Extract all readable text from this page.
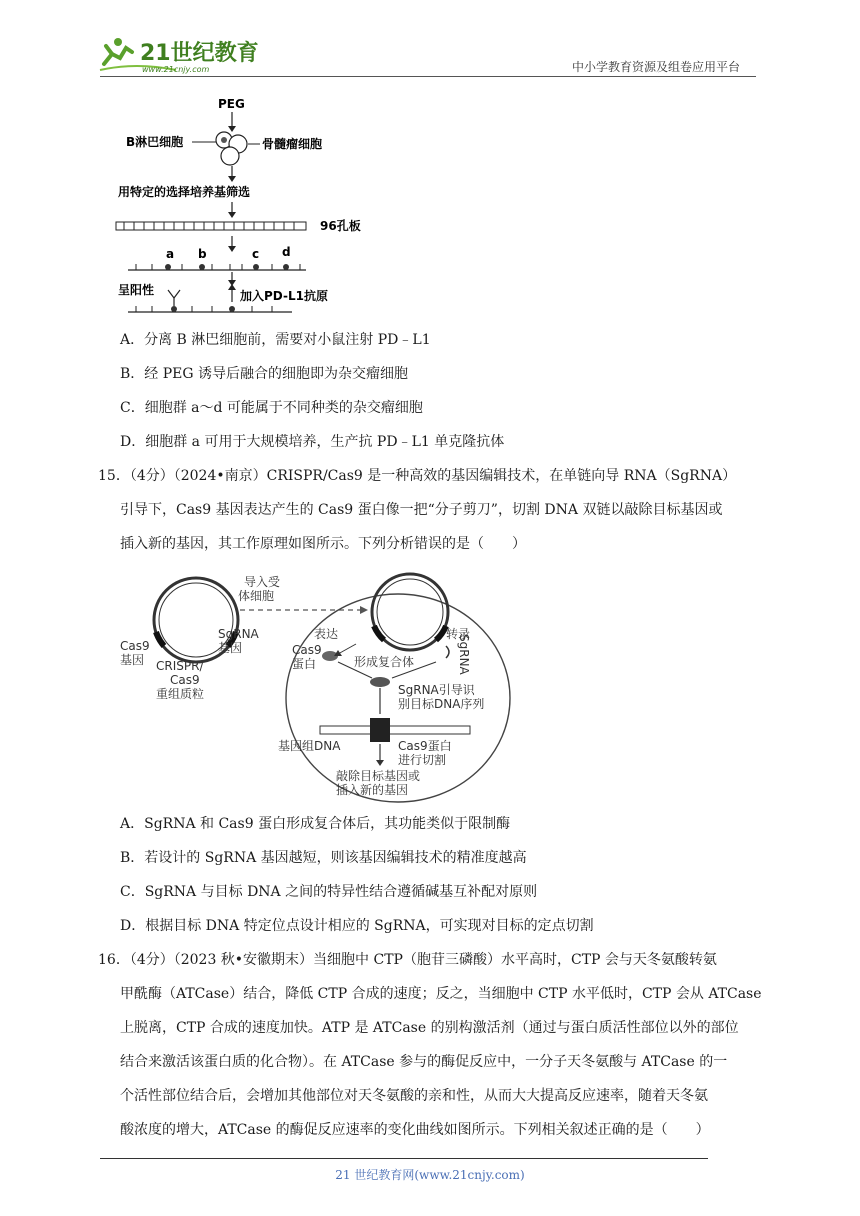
21世纪教育
www.21cnjy.com	中小学教育资源及组卷应用平台
PEG
B淋巴细胞	骨髓瘤细胞
用特定的选择培养基筛选
96孔板
a b	c d
呈阳性	加入PD-L1抗原
A．分离 B 淋巴细胞前，需要对小鼠注射 PD﹣L1
B．经 PEG 诱导后融合的细胞即为杂交瘤细胞
C．细胞群 a～d 可能属于不同种类的杂交瘤细胞
D．细胞群 a 可用于大规模培养，生产抗 PD﹣L1 单克隆抗体
15．（4分）（2024•南京）CRISPR/Cas9 是一种高效的基因编辑技术，在单链向导 RNA（SgRNA）
引导下，Cas9 基因表达产生的 Cas9 蛋白像一把“分子剪刀”，切割 DNA 双链以敲除目标基因或
插入新的基因，其工作原理如图所示。下列分析错误的是（　　）
Cas9
基因
SgRNA
基因
CRISPR/
Cas9
重组质粒
导入受
体细胞
表达	转录
Cas9
蛋白	形成复合体	SgRNA
SgRNA引导识
别目标DNA序列
基因组DNA	Cas9蛋白
进行切割
敲除目标基因或
插入新的基因
A．SgRNA 和 Cas9 蛋白形成复合体后，其功能类似于限制酶
B．若设计的 SgRNA 基因越短，则该基因编辑技术的精准度越高
C．SgRNA 与目标 DNA 之间的特异性结合遵循碱基互补配对原则
D．根据目标 DNA 特定位点设计相应的 SgRNA，可实现对目标的定点切割
16．（4分）（2023 秋•安徽期末）当细胞中 CTP（胞苷三磷酸）水平高时，CTP 会与天冬氨酸转氨
甲酰酶（ATCase）结合，降低 CTP 合成的速度；反之，当细胞中 CTP 水平低时，CTP 会从 ATCase
上脱离，CTP 合成的速度加快。ATP 是 ATCase 的别构激活剂（通过与蛋白质活性部位以外的部位
结合来激活该蛋白质的化合物）。在 ATCase 参与的酶促反应中，一分子天冬氨酸与 ATCase 的一
个活性部位结合后，会增加其他部位对天冬氨酸的亲和性，从而大大提高反应速率，随着天冬氨
酸浓度的增大，ATCase 的酶促反应速率的变化曲线如图所示。下列相关叙述正确的是（　　）
21 世纪教育网(www.21cnjy.com)
